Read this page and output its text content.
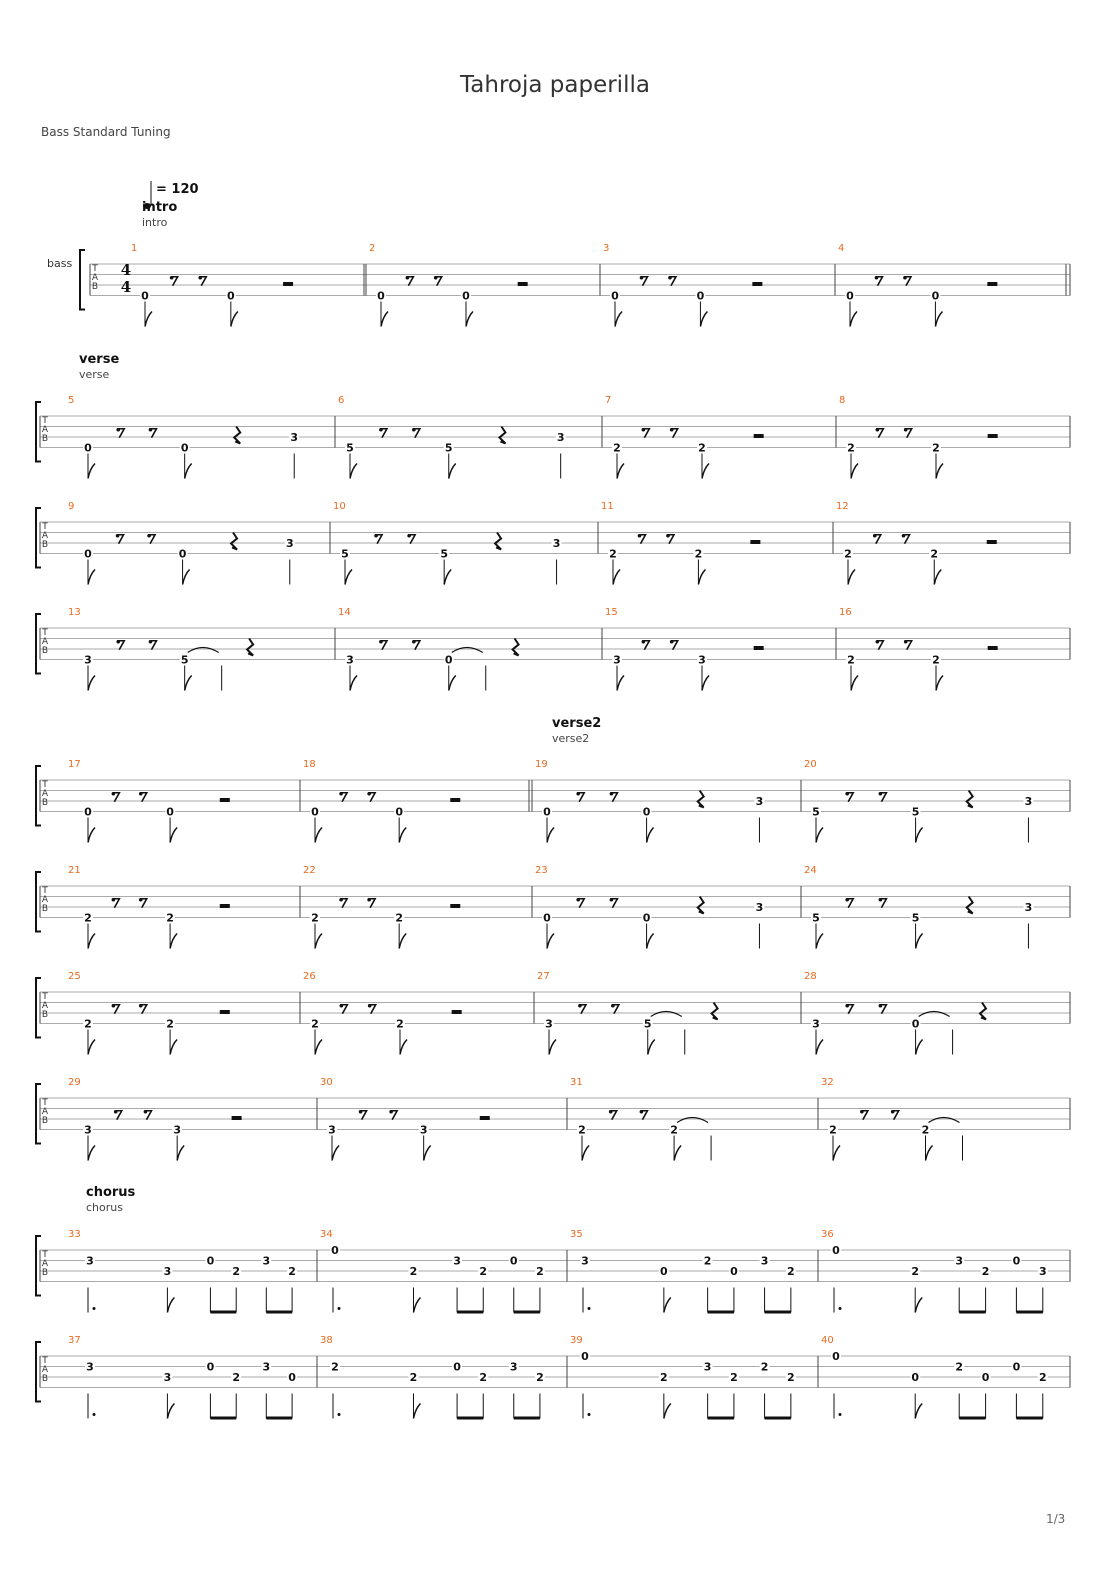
Tahroja paperilla
Bass Standard Tuning
1/3
= 120
bass
intro
intro
verse
verse
verse2
verse2
chorus
chorus
T
A
B
4
4
1
0	0
2
0	0
3
0	0
4
0	0
T
A
B
5
0	0
3
6
5	5
3
7
2	2
8
2	2
T
A
B
9
0	0
3
10
5	5
3
11
2	2
12
2	2
T
A
B
13
3	5
14
3	0
15
3	3
16
2	2
T
A
B
17
0	0
18
0	0
19
0	0
3
20
5	5
3
T
A
B
21
2	2
22
2	2
23
0	0
3
24
5	5
3
T
A
B
25
2	2
26
2	2
27
3	5
28
3	0
T
A
B
29
3	3
30
3	3
31
2	2
32
2	2
T
A
B
33
3
3
0
2
3
2
34
0
2
3
2
0
2
35
3
0
2
0
3
2
36
0
2
3
2
0
3
T
A
B
37
3
3
0
2
3
0
38
2
2
0
2
3
2
39
0
2
3
2
2
2
40
0
0
2
0
0
2
